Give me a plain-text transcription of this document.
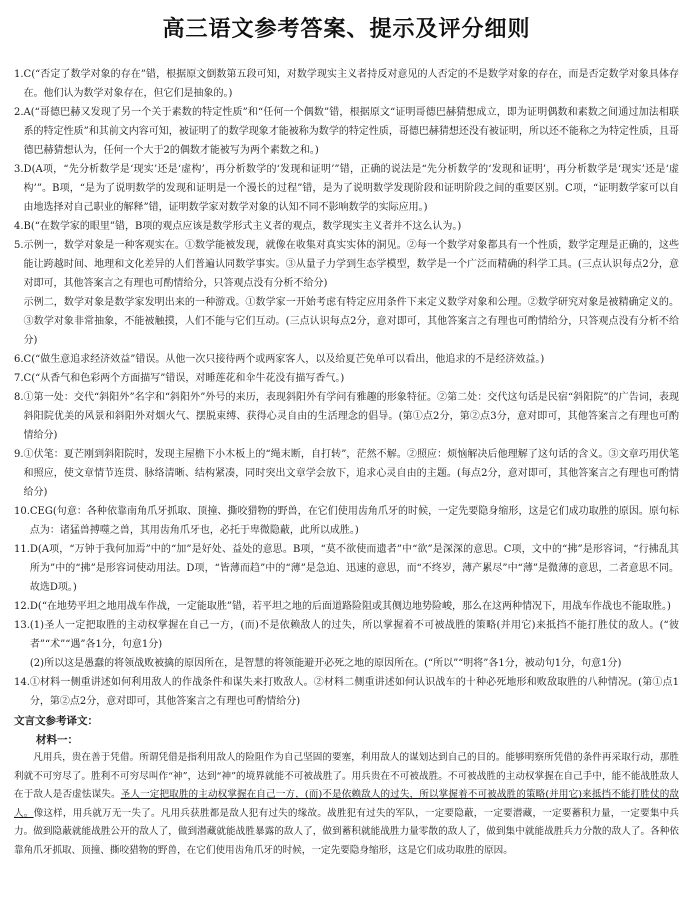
高三语文参考答案、提示及评分细则
1. C(“否定了数学对象的存在”错，根据原文倒数第五段可知，对数学现实主义者持反对意见的人否定的不是数学对象的存在，而是否定数学对象具体存在。他们认为数学对象存在，但它们是抽象的。)
2. A(“哥德巴赫又发现了另一个关于素数的特定性质”和“任何一个偶数”错，根据原文“证明哥德巴赫猜想成立，即为证明偶数和素数之间通过加法相联系的特定性质”和其前文内容可知，被证明了的数学现象才能被称为数学的特定性质，哥德巴赫猜想还没有被证明，所以还不能称之为特定性质，且哥德巴赫猜想认为，任何一个大于2的偶数才能被写为两个素数之和。)
3. D(A项，“先分析数学是‘现实’还是‘虚构’，再分析数学的‘发现和证明’”错，正确的说法是“先分析数学的‘发现和证明’，再分析数学是‘现实’还是‘虚构’”。B项，“是为了说明数学的发现和证明是一个漫长的过程”错，是为了说明数学发现阶段和证明阶段之间的重要区别。C项，“证明数学家可以自由地选择对自己职业的解释”错，证明数学家对数学对象的认知不同不影响数学的实际应用。)
4. B(“在数学家的眼里”错，B项的观点应该是数学形式主义者的观点，数学现实主义者并不这么认为。)
5. 示例一，数学对象是一种客观实在。①数学能被发现，就像在收集对真实实体的洞见。②每一个数学对象都具有一个性质，数学定理是正确的，这些能让跨越时间、地理和文化差异的人们普遍认同数学事实。③从量子力学到生态学模型，数学是一个广泛而精确的科学工具。(三点认识每点2分，意对即可，其他答案言之有理也可酌情给分，只答观点没有分析不给分)
示例二，数学对象是数学家发明出来的一种游戏。①数学家一开始考虑有特定应用条件下来定义数学对象和公理。②数学研究对象是被精确定义的。③数学对象非常抽象，不能被触摸，人们不能与它们互动。(三点认识每点2分，意对即可，其他答案言之有理也可酌情给分，只答观点没有分析不给分)
6. C(“做生意追求经济效益”错误。从他一次只接待两个或两家客人，以及给夏芒免单可以看出，他追求的不是经济效益。)
7. C(“从香气和色彩两个方面描写”错误，对睡莲花和伞牛花没有描写香气。)
8. ①第一处：交代“斜阳外”名字和“斜阳外”外号的来历，表现斜阳外有学问有雅趣的形象特征。②第二处：交代这句话是民宿“斜阳院”的广告词，表现斜阳院优美的风景和斜阳外对烟火气、摆脱束缚、获得心灵自由的生活理念的倡导。(第①点2分，第②点3分，意对即可，其他答案言之有理也可酌情给分)
9. ①伏笔：夏芒刚到斜阳院时，发现主屋檐下小木板上的“绳末断，自打转”，茫然不解。②照应：烦恼解决后他理解了这句话的含义。③文章巧用伏笔和照应，使文章情节连贯、脉络清晰、结构紧凑，同时突出文章学会放下，追求心灵自由的主题。(每点2分，意对即可，其他答案言之有理也可酌情给分)
10. CEG(句意：各种依靠南角爪牙抓取、顶撞、撕咬猎物的野兽，在它们使用齿角爪牙的时候，一定先要隐身缩形，这是它们成功取胜的原因。原句标点为：诸猛兽搏噬之兽，其用齿角爪牙也，必托于卑微隐蔽，此所以成胜。)
11. D(A项，“万钟于我何加焉”中的“加”是好处、益处的意思。B项，“莫不欲使而遗者”中“欲”是深深的意思。C项，文中的“拂”是形容词，“行拂乱其所为”中的“拂”是形容词使动用法。D项，“皆薄而趋”中的“薄”是急迫、迅速的意思，而“不终岁，薄产累尽”中“薄”是微薄的意思，二者意思不同。故选D项。)
12. D(“在地势平坦之地用战车作战，一定能取胜”错，若平坦之地的后面道路险阻或其侧边地势险峻，那么在这两种情况下，用战车作战也不能取胜。)
13. (1)圣人一定把取胜的主动权掌握在自己一方，(而)不是依赖敌人的过失，所以掌握着不可被战胜的策略(并用它)来抵挡不能打胜仗的敌人。(“彼者”“术”“遇”各1分，句意1分)
(2)所以这是愚蠢的将领战败被擒的原因所在，是智慧的将领能避开必死之地的原因所在。(“所以”“明将”各1分，被动句1分，句意1分)
14. ①材料一侧重讲述如何利用敌人的作战条件和谋失来打败敌人。②材料二侧重讲述如何认识战车的十种必死地形和败敌取胜的八种情况。(第①点1分，第②点2分，意对即可，其他答案言之有理也可酌情给分)
文言文参考译文：
材料一：

凡用兵，贵在善于凭借。所谓凭借是指利用敌人的险阻作为自己坚固的要塞，利用敌人的谋划达到自己的目的。能够明察所凭借的条件再采取行动，那胜利就不可穷尽了。胜利不可穷尽叫作“神”，达到“神”的境界就能不可被战胜了。用兵贵在不可被战胜。不可被战胜的主动权掌握在自己手中，能不能战胜敌人在于敌人是否虚怯谋失。圣人一定把取胜的主动权掌握在自己一方，(而)不是依赖敌人的过失，所以掌握着不可被战胜的策略(并用它)来抵挡不能打胜仗的敌人。像这样，用兵就万无一失了。凡用兵获胜都是敌人犯有过失的缘故。战胜犯有过失的军队，一定要隐蔽，一定要潜藏，一定要蓄积力量，一定要集中兵力。做到隐蔽就能战胜公开的敌人了，做到潜藏就能战胜暴露的敌人了，做到蓄积就能战胜力量零散的敌人了，做到集中就能战胜兵力分散的敌人了。各种依靠角爪牙抓取、顶撞、撕咬猎物的野兽，在它们使用齿角爪牙的时候，一定先要隐身缩形，这是它们成功取胜的原因。
